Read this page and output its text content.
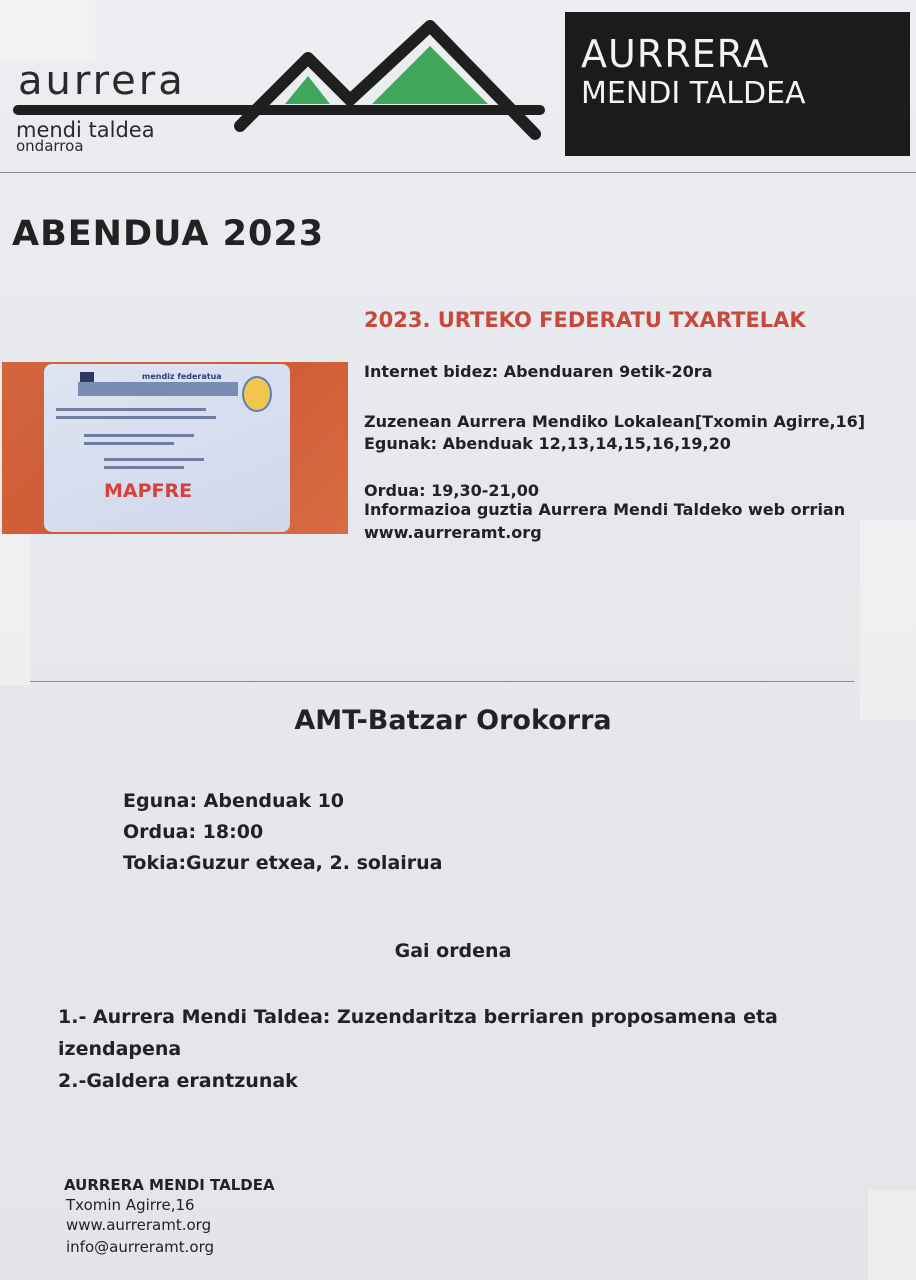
aurrera
mendi taldea
ondarroa
AURRERA
MENDI TALDEA
ABENDUA 2023
2023. URTEKO FEDERATU TXARTELAK
Internet bidez: Abenduaren 9etik-20ra
Zuzenean Aurrera Mendiko Lokalean[Txomin Agirre,16]
Egunak: Abenduak 12,13,14,15,16,19,20
Ordua: 19,30-21,00
Informazioa guztia Aurrera Mendi Taldeko web orrian
www.aurreramt.org
mendiz federatua
MAPFRE
AMT-Batzar Orokorra
Eguna: Abenduak 10
Ordua: 18:00
Tokia:Guzur etxea, 2. solairua
Gai ordena
1.- Aurrera Mendi Taldea: Zuzendaritza berriaren proposamena eta
izendapena
2.-Galdera erantzunak
AURRERA MENDI TALDEA
Txomin Agirre,16
www.aurreramt.org
info@aurreramt.org
